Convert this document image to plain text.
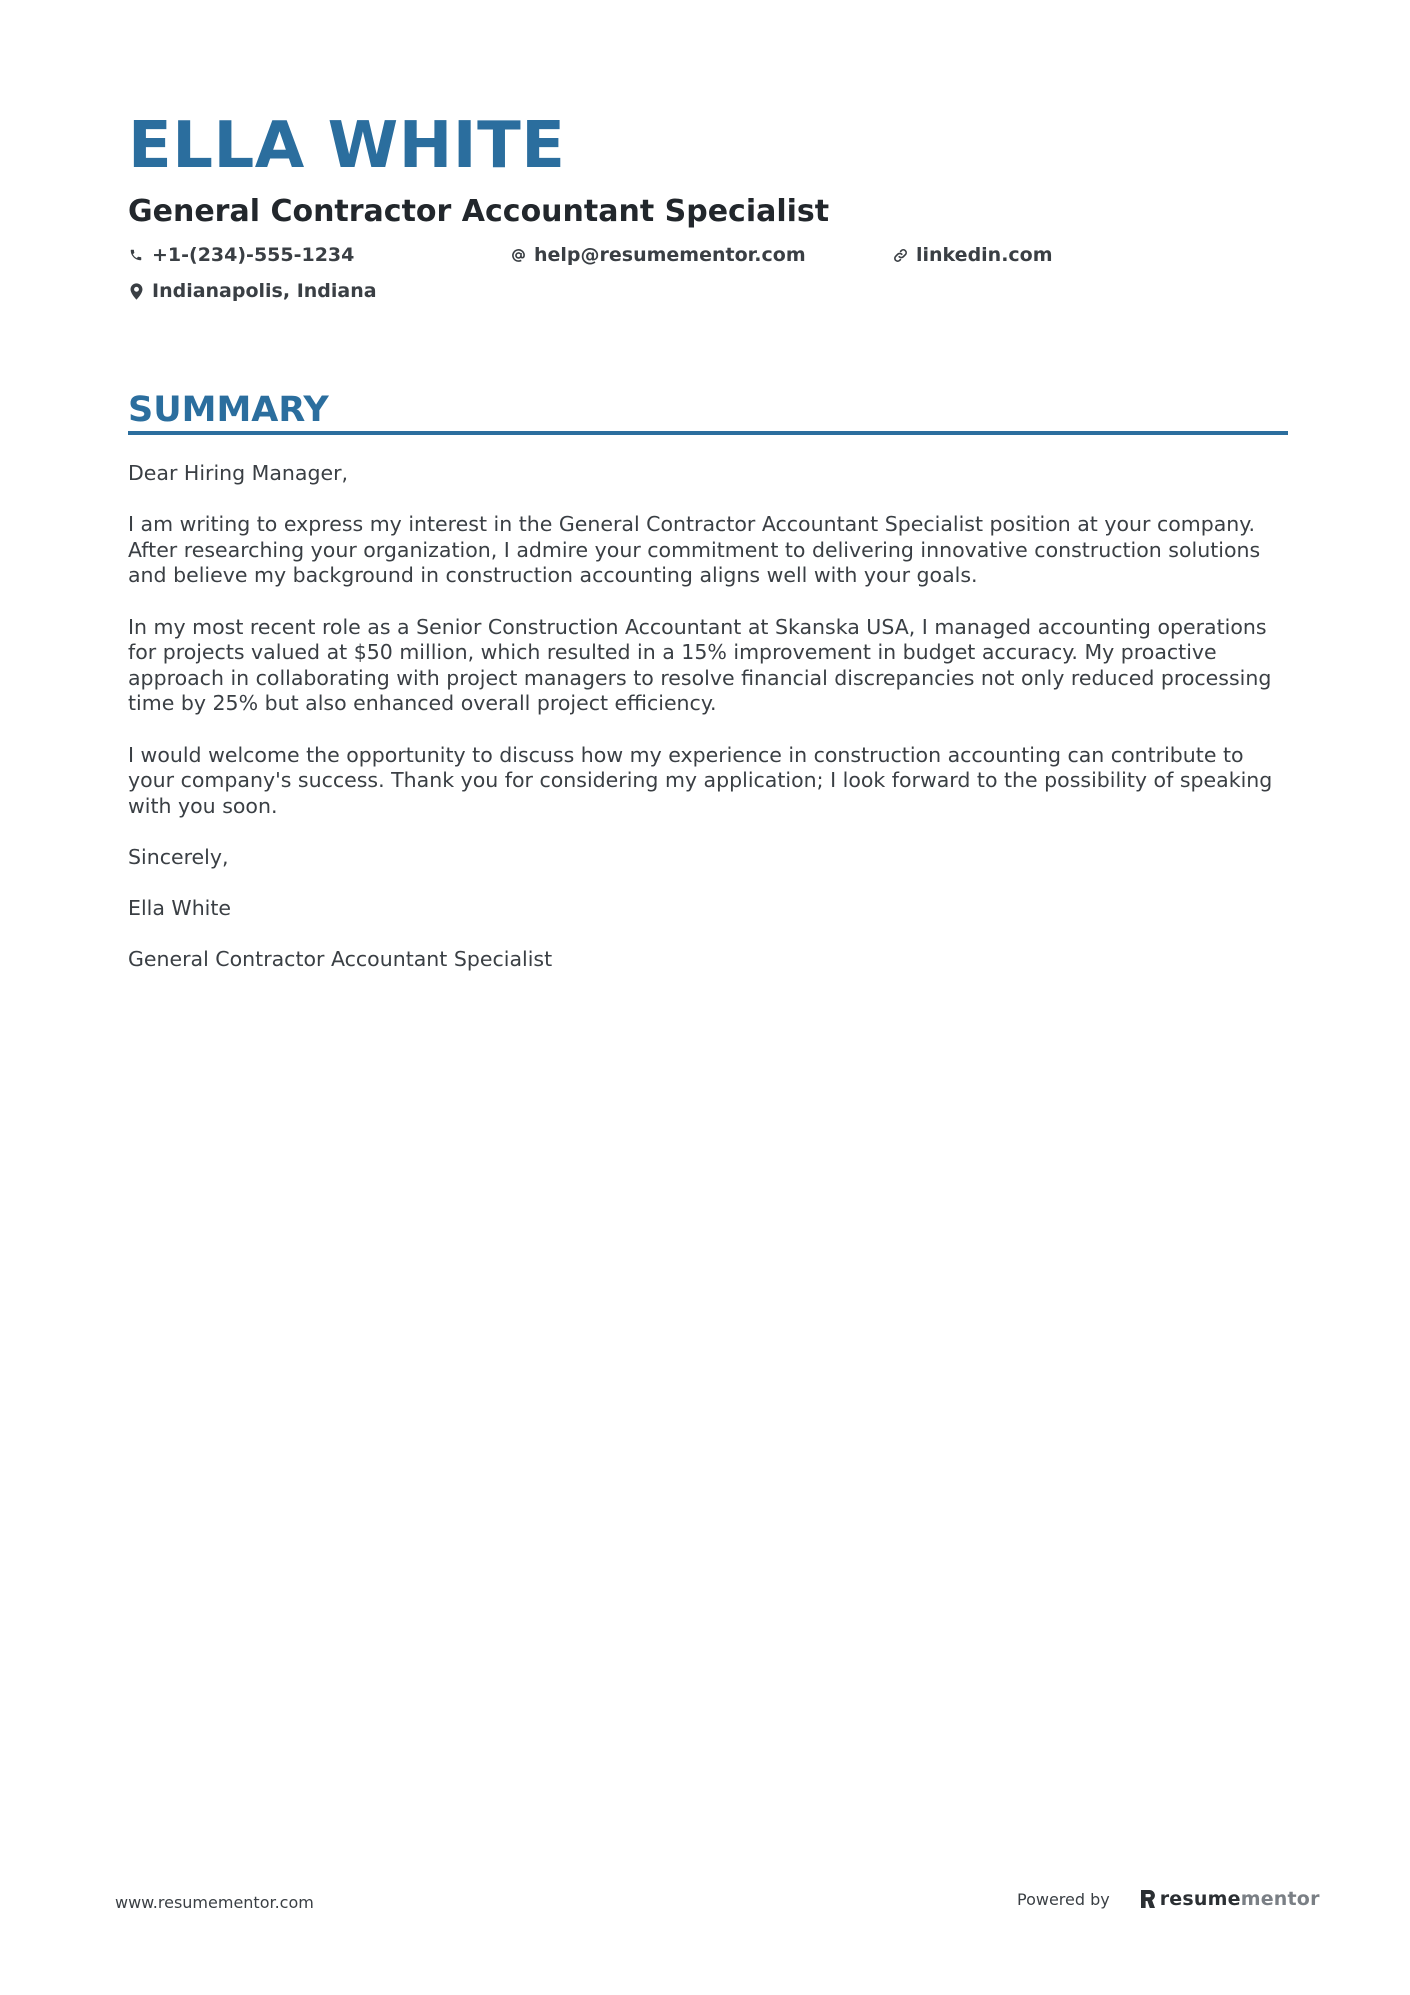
ELLA WHITE
General Contractor Accountant Specialist
+1-(234)-555-1234	help@resumementor.com	linkedin.com
Indianapolis, Indiana
SUMMARY

Dear Hiring Manager,

I am writing to express my interest in the General Contractor Accountant Specialist position at your company. After researching your organization, I admire your commitment to delivering innovative construction solutions and believe my background in construction accounting aligns well with your goals.

In my most recent role as a Senior Construction Accountant at Skanska USA, I managed accounting operations for projects valued at $50 million, which resulted in a 15% improvement in budget accuracy. My proactive approach in collaborating with project managers to resolve financial discrepancies not only reduced processing time by 25% but also enhanced overall project efficiency.

I would welcome the opportunity to discuss how my experience in construction accounting can contribute to your company's success. Thank you for considering my application; I look forward to the possibility of speaking with you soon.

Sincerely,

Ella White

General Contractor Accountant Specialist

www.resumementor.com	Powered by	resume mentor
